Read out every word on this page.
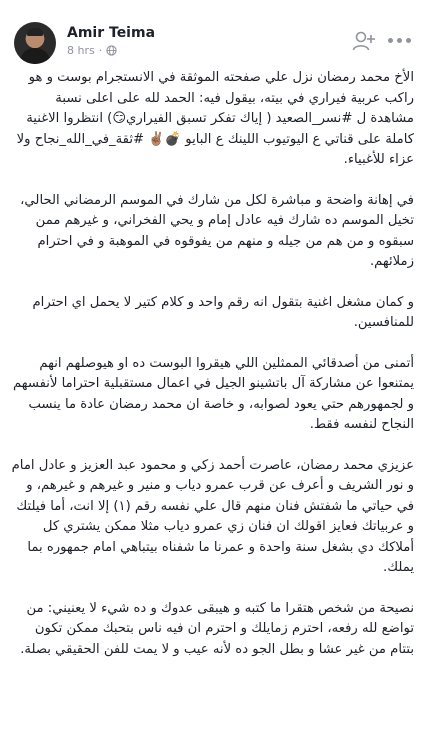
Amir Teima
8 hrs ·

الأخ محمد رمضان نزل علي صفحته الموثقة في الانستجرام بوست و هو راكب عربية فيراري في بيته، بيقول فيه: الحمد لله على اعلى نسبة مشاهدة ل #نسر_الصعيد ( إياك تفكر تسبق الفيراري😏) انتظروا الاغنية كاملة على قناتي ع اليوتيوب اللينك ع البايو 💣✌🏽 #ثقة_في_الله_نجاح ولا عزاء للأغبياء.

في إهانة واضحة و مباشرة لكل من شارك في الموسم الرمضاني الحالي، تخيل الموسم ده شارك فيه عادل إمام و يحي الفخراني، و غيرهم ممن سبقوه و من هم من جيله و منهم من يفوقوه في الموهبة و في احترام زملائهم.

و كمان مشغل اغنية بتقول انه رقم واحد و كلام كتير لا يحمل اي احترام للمنافسين.

أتمنى من أصدقائي الممثلين اللي هيقروا البوست ده او هيوصلهم انهم يمتنعوا عن مشاركة آل باتشينو الجيل في اعمال مستقبلية احتراما لأنفسهم و لجمهورهم حتي يعود لصوابه، و خاصة ان محمد رمضان عادة ما ينسب النجاح لنفسه فقط.

عزيزي محمد رمضان، عاصرت أحمد زكي و محمود عبد العزيز و عادل امام و نور الشريف و أعرف عن قرب عمرو دياب و منير و غيرهم و غيرهم، و في حياتي ما شفتش فنان منهم قال علي نفسه رقم (١) إلا انت، أما فيلتك و عربياتك فعايز اقولك ان فنان زي عمرو دياب مثلا ممكن يشتري كل أملاكك دي بشغل سنة واحدة و عمرنا ما شفناه بيتباهي امام جمهوره بما يملك.

نصيحة من شخص هتقرا ما كتبه و هيبقى عدوك و ده شيء لا يعنيني: من تواضع لله رفعه، احترم زمايلك و احترم ان فيه ناس بتحبك ممكن تكون بتتام من غير عشا و بطل الجو ده لأنه عيب و لا يمت للفن الحقيقي بصلة.
